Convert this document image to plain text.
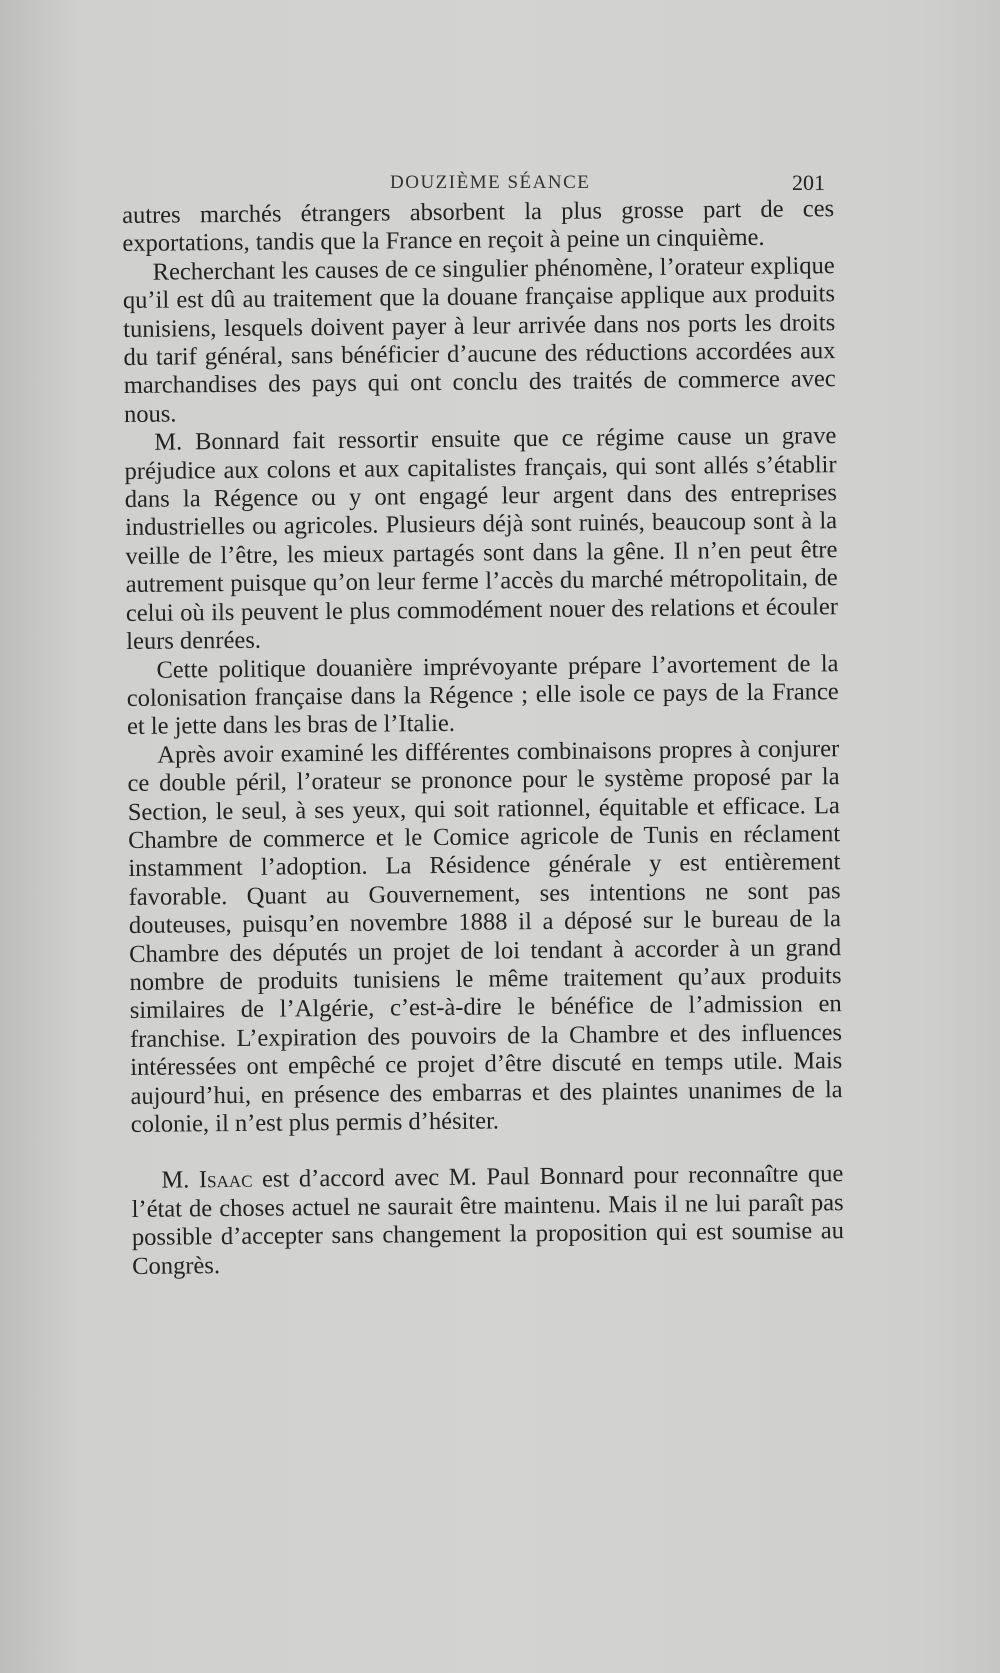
DOUZIÈME SÉANCE	201

autres marchés étrangers absorbent la plus grosse part de ces exportations, tandis que la France en reçoit à peine un cinquième.

Recherchant les causes de ce singulier phénomène, l’orateur explique qu’il est dû au traitement que la douane française applique aux produits tunisiens, lesquels doivent payer à leur arrivée dans nos ports les droits du tarif général, sans bénéficier d’aucune des réductions accordées aux marchandises des pays qui ont conclu des traités de commerce avec nous.

M. Bonnard fait ressortir ensuite que ce régime cause un grave préjudice aux colons et aux capitalistes français, qui sont allés s’établir dans la Régence ou y ont engagé leur argent dans des entreprises industrielles ou agricoles. Plusieurs déjà sont ruinés, beaucoup sont à la veille de l’être, les mieux partagés sont dans la gêne. Il n’en peut être autrement puisque qu’on leur ferme l’accès du marché métropolitain, de celui où ils peuvent le plus commodément nouer des relations et écouler leurs denrées.

Cette politique douanière imprévoyante prépare l’avortement de la colonisation française dans la Régence ; elle isole ce pays de la France et le jette dans les bras de l’Italie.

Après avoir examiné les différentes combinaisons propres à conjurer ce double péril, l’orateur se prononce pour le système proposé par la Section, le seul, à ses yeux, qui soit rationnel, équitable et efficace. La Chambre de commerce et le Comice agricole de Tunis en réclament instamment l’adoption. La Résidence générale y est entièrement favorable. Quant au Gouvernement, ses intentions ne sont pas douteuses, puisqu’en novembre 1888 il a déposé sur le bureau de la Chambre des députés un projet de loi tendant à accorder à un grand nombre de produits tunisiens le même traitement qu’aux produits similaires de l’Algérie, c’est-à-dire le bénéfice de l’admission en franchise. L’expiration des pouvoirs de la Chambre et des influences intéressées ont empêché ce projet d’être discuté en temps utile. Mais aujourd’hui, en présence des embarras et des plaintes unanimes de la colonie, il n’est plus permis d’hésiter.

M. Isaac est d’accord avec M. Paul Bonnard pour reconnaître que l’état de choses actuel ne saurait être maintenu. Mais il ne lui paraît pas possible d’accepter sans changement la proposition qui est soumise au Congrès.
